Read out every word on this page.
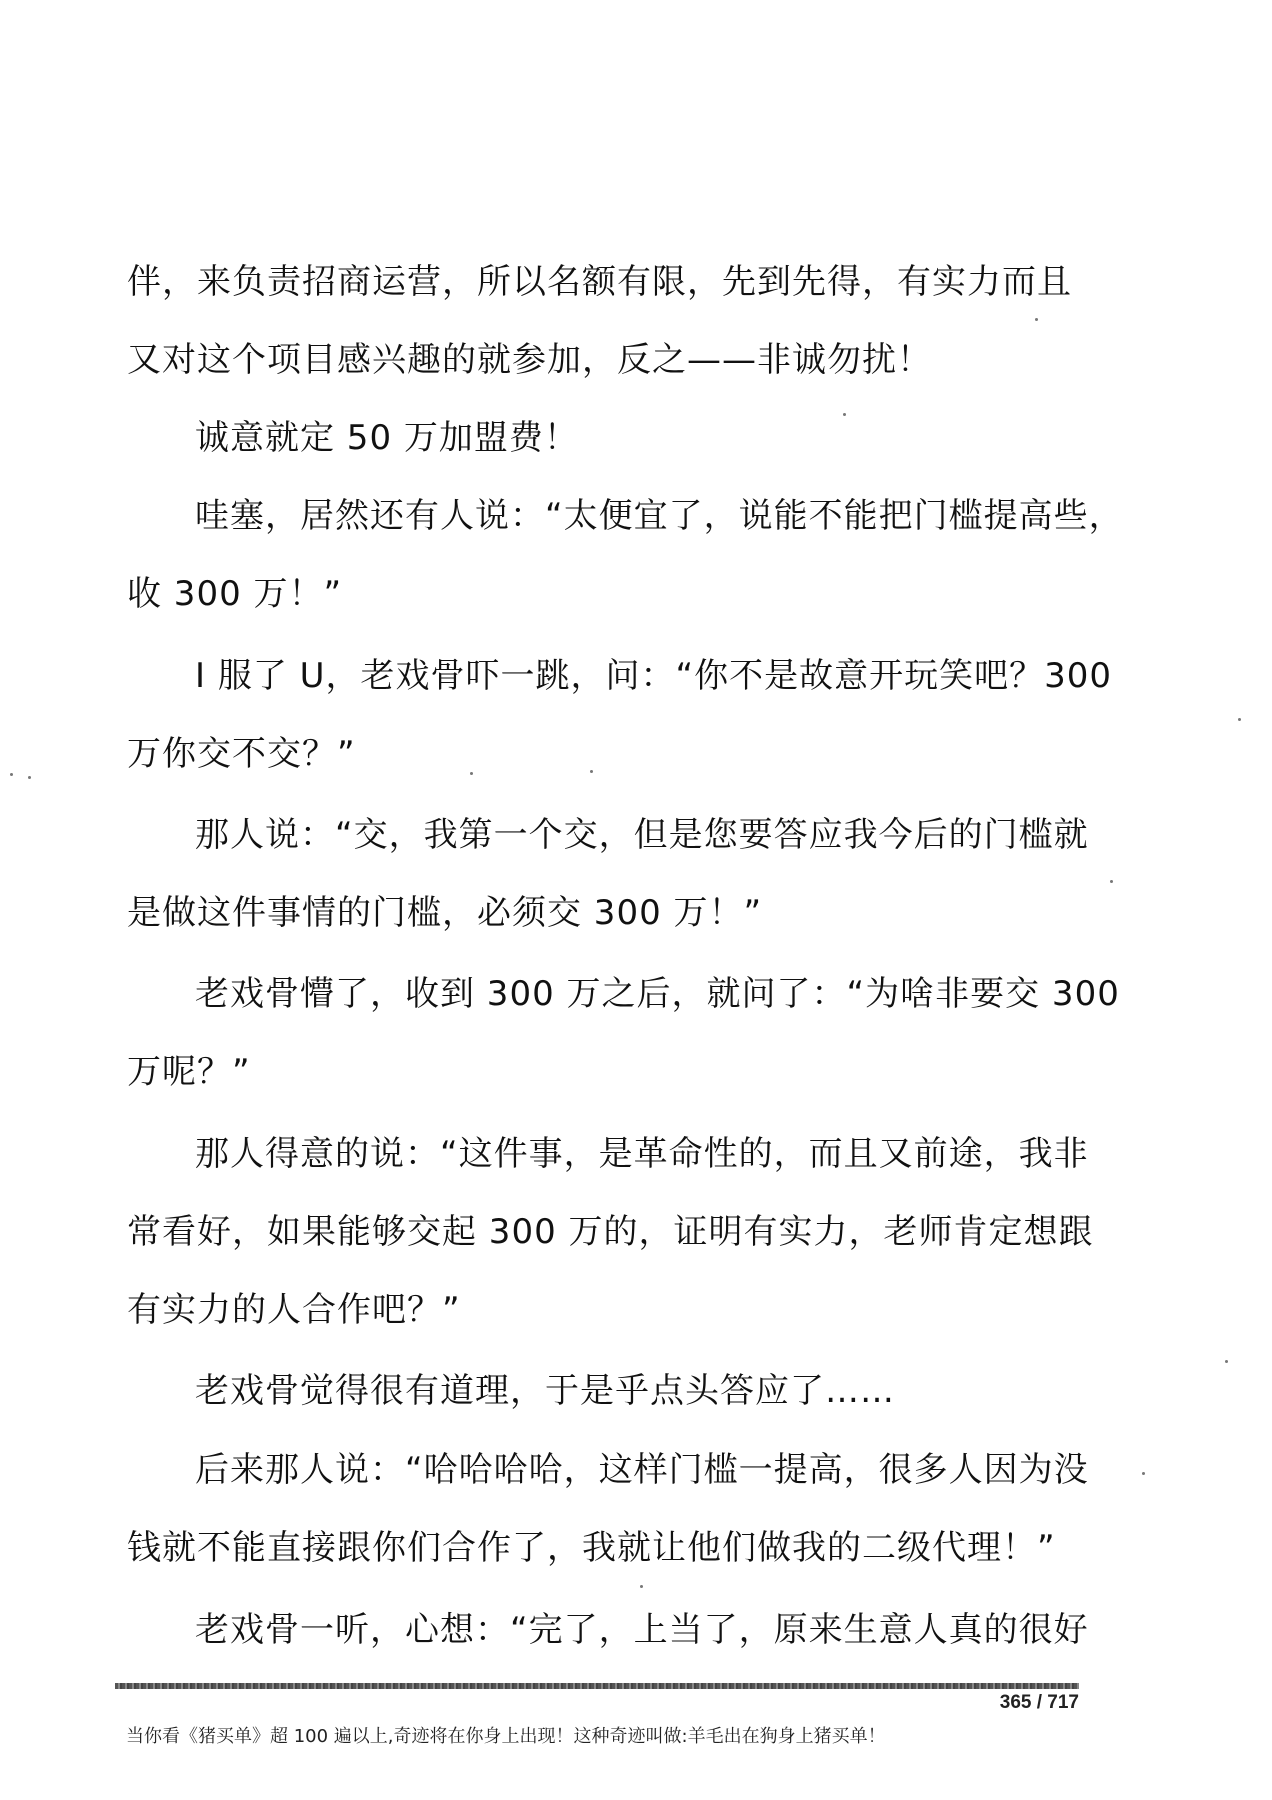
伴，来负责招商运营，所以名额有限，先到先得，有实力而且
又对这个项目感兴趣的就参加，反之——非诚勿扰！
诚意就定 50 万加盟费！
哇塞，居然还有人说：“太便宜了，说能不能把门槛提高些，
收 300 万！”
I 服了 U，老戏骨吓一跳，问：“你不是故意开玩笑吧？300
万你交不交？”
那人说：“交，我第一个交，但是您要答应我今后的门槛就
是做这件事情的门槛，必须交 300 万！”
老戏骨懵了，收到 300 万之后，就问了：“为啥非要交 300
万呢？”
那人得意的说：“这件事，是革命性的，而且又前途，我非
常看好，如果能够交起 300 万的，证明有实力，老师肯定想跟
有实力的人合作吧？”
老戏骨觉得很有道理，于是乎点头答应了……
后来那人说：“哈哈哈哈，这样门槛一提高，很多人因为没
钱就不能直接跟你们合作了，我就让他们做我的二级代理！”
老戏骨一听，心想：“完了，上当了，原来生意人真的很好
365 / 717
当你看《猪买单》超 100 遍以上,奇迹将在你身上出现！这种奇迹叫做:羊毛出在狗身上猪买单！
